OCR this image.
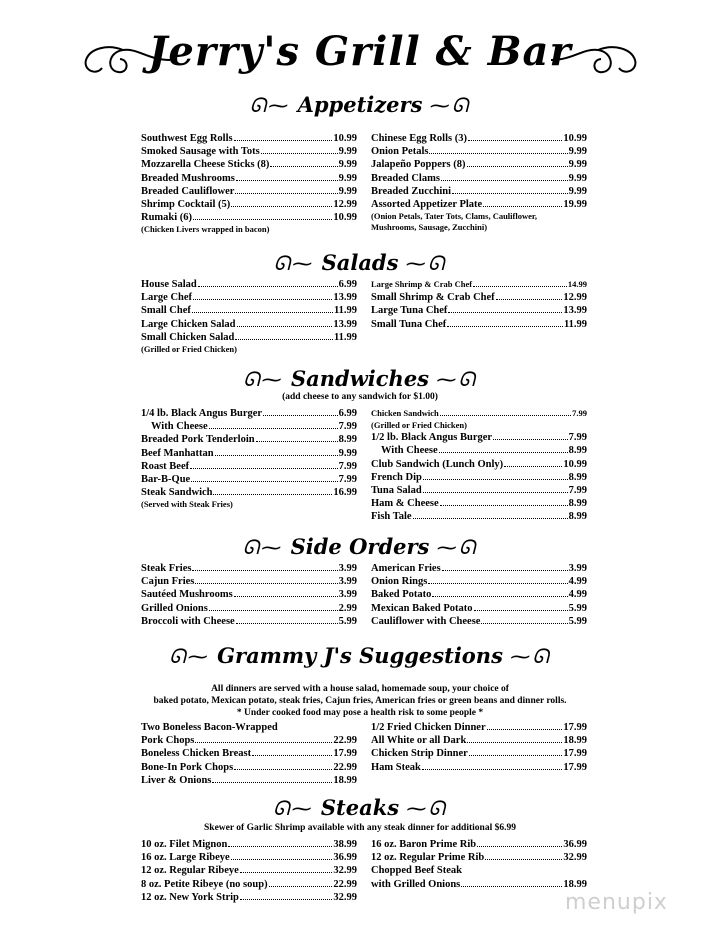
Jerry's Grill & Bar
ᘏ⁓ Appetizers ⁓ᘏ
Southwest Egg Rolls	10.99
Smoked Sausage with Tots	9.99
Mozzarella Cheese Sticks (8)	9.99
Breaded Mushrooms	9.99
Breaded Cauliflower	9.99
Shrimp Cocktail (5)	12.99
Rumaki (6)	10.99
(Chicken Livers wrapped in bacon)
Chinese Egg Rolls (3)	10.99
Onion Petals	9.99
Jalapeño Poppers (8)	9.99
Breaded Clams	9.99
Breaded Zucchini	9.99
Assorted Appetizer Plate	19.99
(Onion Petals, Tater Tots, Clams, Cauliflower,
Mushrooms, Sausage, Zucchini)
ᘏ⁓ Salads ⁓ᘏ
House Salad	6.99
Large Chef	13.99
Small Chef	11.99
Large Chicken Salad	13.99
Small Chicken Salad	11.99
(Grilled or Fried Chicken)
Large Shrimp & Crab Chef	14.99
Small Shrimp & Crab Chef	12.99
Large Tuna Chef	13.99
Small Tuna Chef	11.99
ᘏ⁓ Sandwiches ⁓ᘏ
(add cheese to any sandwich for $1.00)
1/4 lb. Black Angus Burger	6.99
With Cheese	7.99
Breaded Pork Tenderloin	8.99
Beef Manhattan	9.99
Roast Beef	7.99
Bar-B-Que	7.99
Steak Sandwich	16.99
(Served with Steak Fries)
Chicken Sandwich	7.99
(Grilled or Fried Chicken)
1/2 lb. Black Angus Burger	7.99
With Cheese	8.99
Club Sandwich (Lunch Only)	10.99
French Dip	8.99
Tuna Salad	7.99
Ham & Cheese	8.99
Fish Tale	8.99
ᘏ⁓ Side Orders ⁓ᘏ
Steak Fries	3.99
Cajun Fries	3.99
Sautéed Mushrooms	3.99
Grilled Onions	2.99
Broccoli with Cheese	5.99
American Fries	3.99
Onion Rings	4.99
Baked Potato	4.99
Mexican Baked Potato	5.99
Cauliflower with Cheese	5.99
ᘏ⁓ Grammy J's Suggestions ⁓ᘏ
All dinners are served with a house salad, homemade soup, your choice of
baked potato, Mexican potato, steak fries, Cajun fries, American fries or green beans and dinner rolls.
* Under cooked food may pose a health risk to some people *
Two Boneless Bacon-Wrapped
Pork Chops	22.99
Boneless Chicken Breast	17.99
Bone-In Pork Chops	22.99
Liver & Onions	18.99
1/2 Fried Chicken Dinner	17.99
All White or all Dark	18.99
Chicken Strip Dinner	17.99
Ham Steak	17.99
ᘏ⁓ Steaks ⁓ᘏ
Skewer of Garlic Shrimp available with any steak dinner for additional $6.99
10 oz. Filet Mignon	38.99
16 oz. Large Ribeye	36.99
12 oz. Regular Ribeye	32.99
8 oz. Petite Ribeye (no soup)	22.99
12 oz. New York Strip	32.99
16 oz. Baron Prime Rib	36.99
12 oz. Regular Prime Rib	32.99
Chopped Beef Steak
with Grilled Onions	18.99
menupix
